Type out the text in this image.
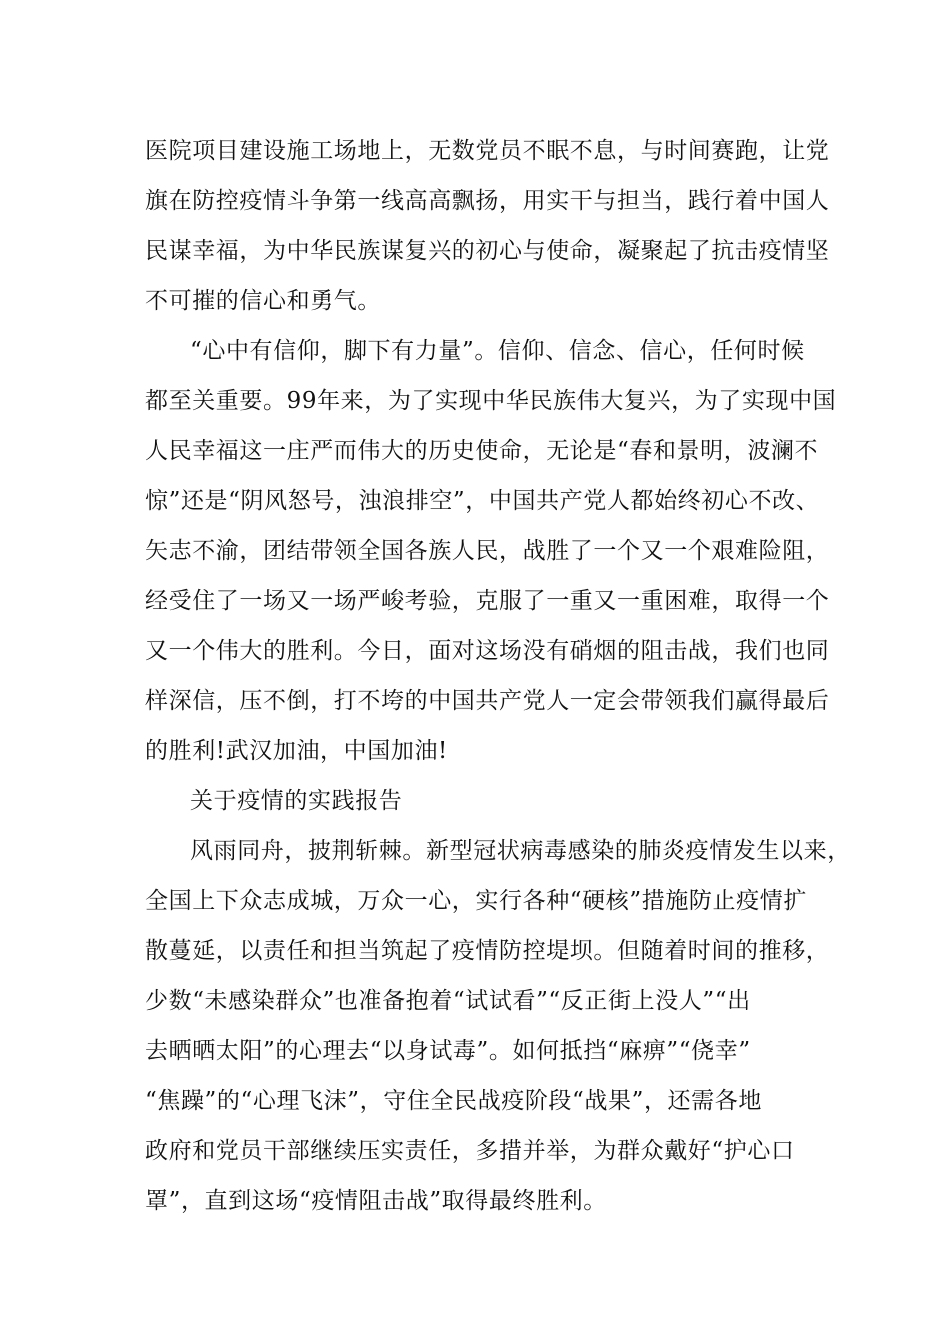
医院项目建设施工场地上，无数党员不眠不息，与时间赛跑，让党
旗在防控疫情斗争第一线高高飘扬，用实干与担当，践行着中国人
民谋幸福，为中华民族谋复兴的初心与使命，凝聚起了抗击疫情坚
不可摧的信心和勇气。
“心中有信仰，脚下有力量”。信仰、信念、信心，任何时候
都至关重要。99年来，为了实现中华民族伟大复兴，为了实现中国
人民幸福这一庄严而伟大的历史使命，无论是“春和景明，波澜不
惊”还是“阴风怒号，浊浪排空”，中国共产党人都始终初心不改、
矢志不渝，团结带领全国各族人民，战胜了一个又一个艰难险阻，
经受住了一场又一场严峻考验，克服了一重又一重困难，取得一个
又一个伟大的胜利。今日，面对这场没有硝烟的阻击战，我们也同
样深信，压不倒，打不垮的中国共产党人一定会带领我们赢得最后
的胜利!武汉加油，中国加油!
关于疫情的实践报告
风雨同舟，披荆斩棘。新型冠状病毒感染的肺炎疫情发生以来，
全国上下众志成城，万众一心，实行各种“硬核”措施防止疫情扩
散蔓延，以责任和担当筑起了疫情防控堤坝。但随着时间的推移，
少数“未感染群众”也准备抱着“试试看”“反正街上没人”“出
去晒晒太阳”的心理去“以身试毒”。如何抵挡“麻痹”“侥幸”
“焦躁”的“心理飞沫”，守住全民战疫阶段“战果”，还需各地
政府和党员干部继续压实责任，多措并举，为群众戴好“护心口
罩”，直到这场“疫情阻击战”取得最终胜利。
